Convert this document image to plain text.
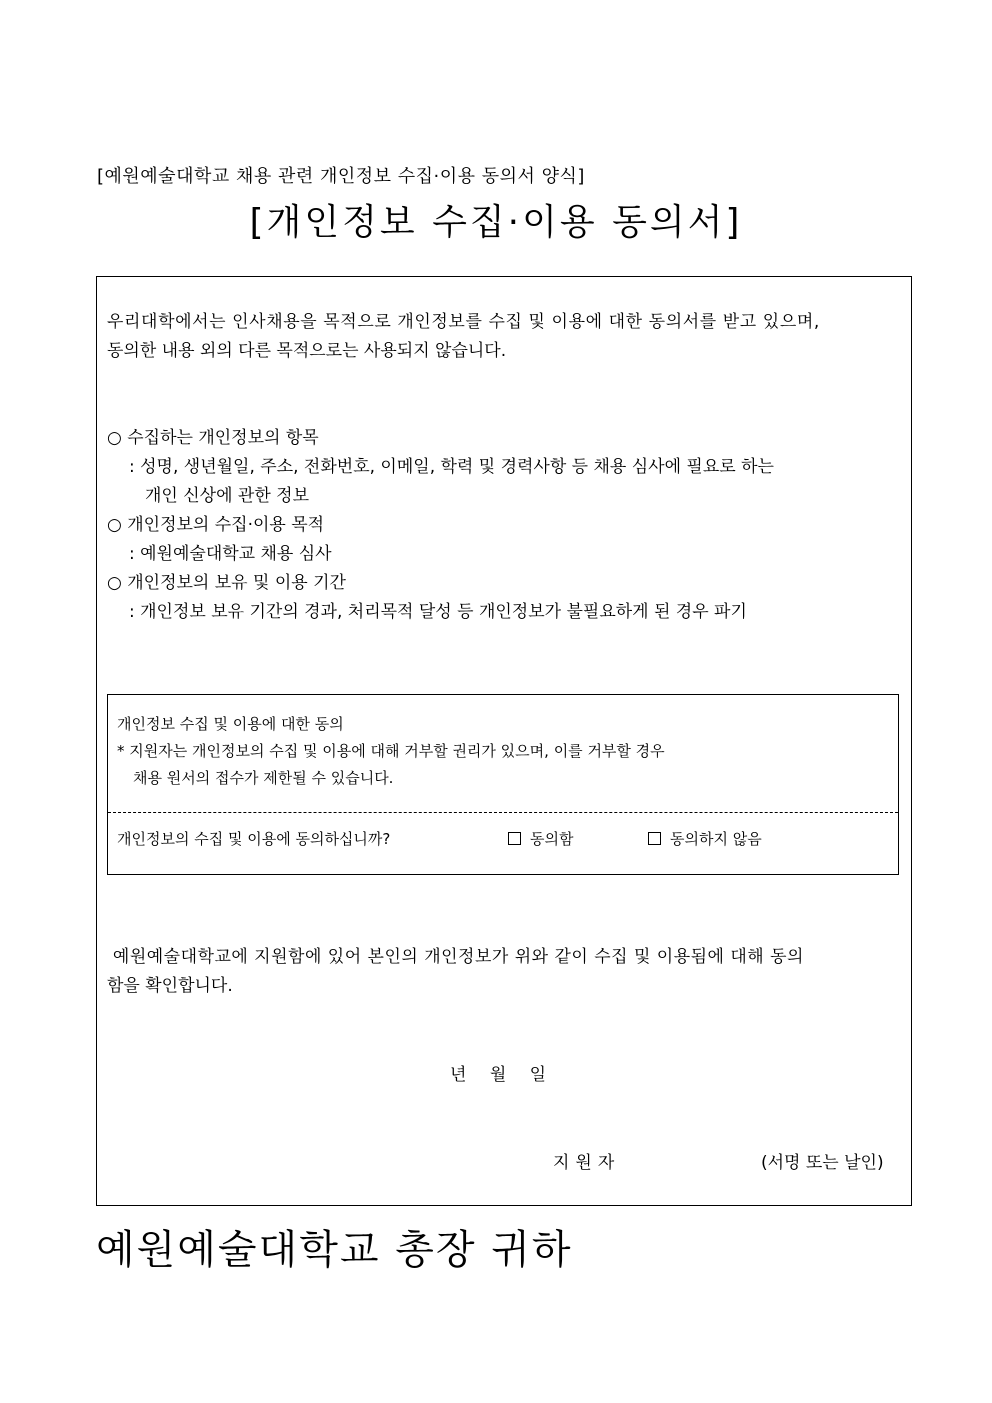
[예원예술대학교 채용 관련 개인정보 수집·이용 동의서 양식]
[개인정보 수집·이용 동의서]
우리대학에서는 인사채용을 목적으로 개인정보를 수집 및 이용에 대한 동의서를 받고 있으며,
동의한 내용 외의 다른 목적으로는 사용되지 않습니다.
○ 수집하는 개인정보의 항목
: 성명, 생년월일, 주소, 전화번호, 이메일, 학력 및 경력사항 등 채용 심사에 필요로 하는
개인 신상에 관한 정보
○ 개인정보의 수집·이용 목적
: 예원예술대학교 채용 심사
○ 개인정보의 보유 및 이용 기간
: 개인정보 보유 기간의 경과, 처리목적 달성 등 개인정보가 불필요하게 된 경우 파기
개인정보 수집 및 이용에 대한 동의
* 지원자는 개인정보의 수집 및 이용에 대해 거부할 권리가 있으며, 이를 거부할 경우
채용 원서의 접수가 제한될 수 있습니다.
개인정보의 수집 및 이용에 동의하십니까?	동의함	동의하지 않음
예원예술대학교에 지원함에 있어 본인의 개인정보가 위와 같이 수집 및 이용됨에 대해 동의
함을 확인합니다.
년 월 일
지원자	(서명 또는 날인)
예원예술대학교 총장 귀하
